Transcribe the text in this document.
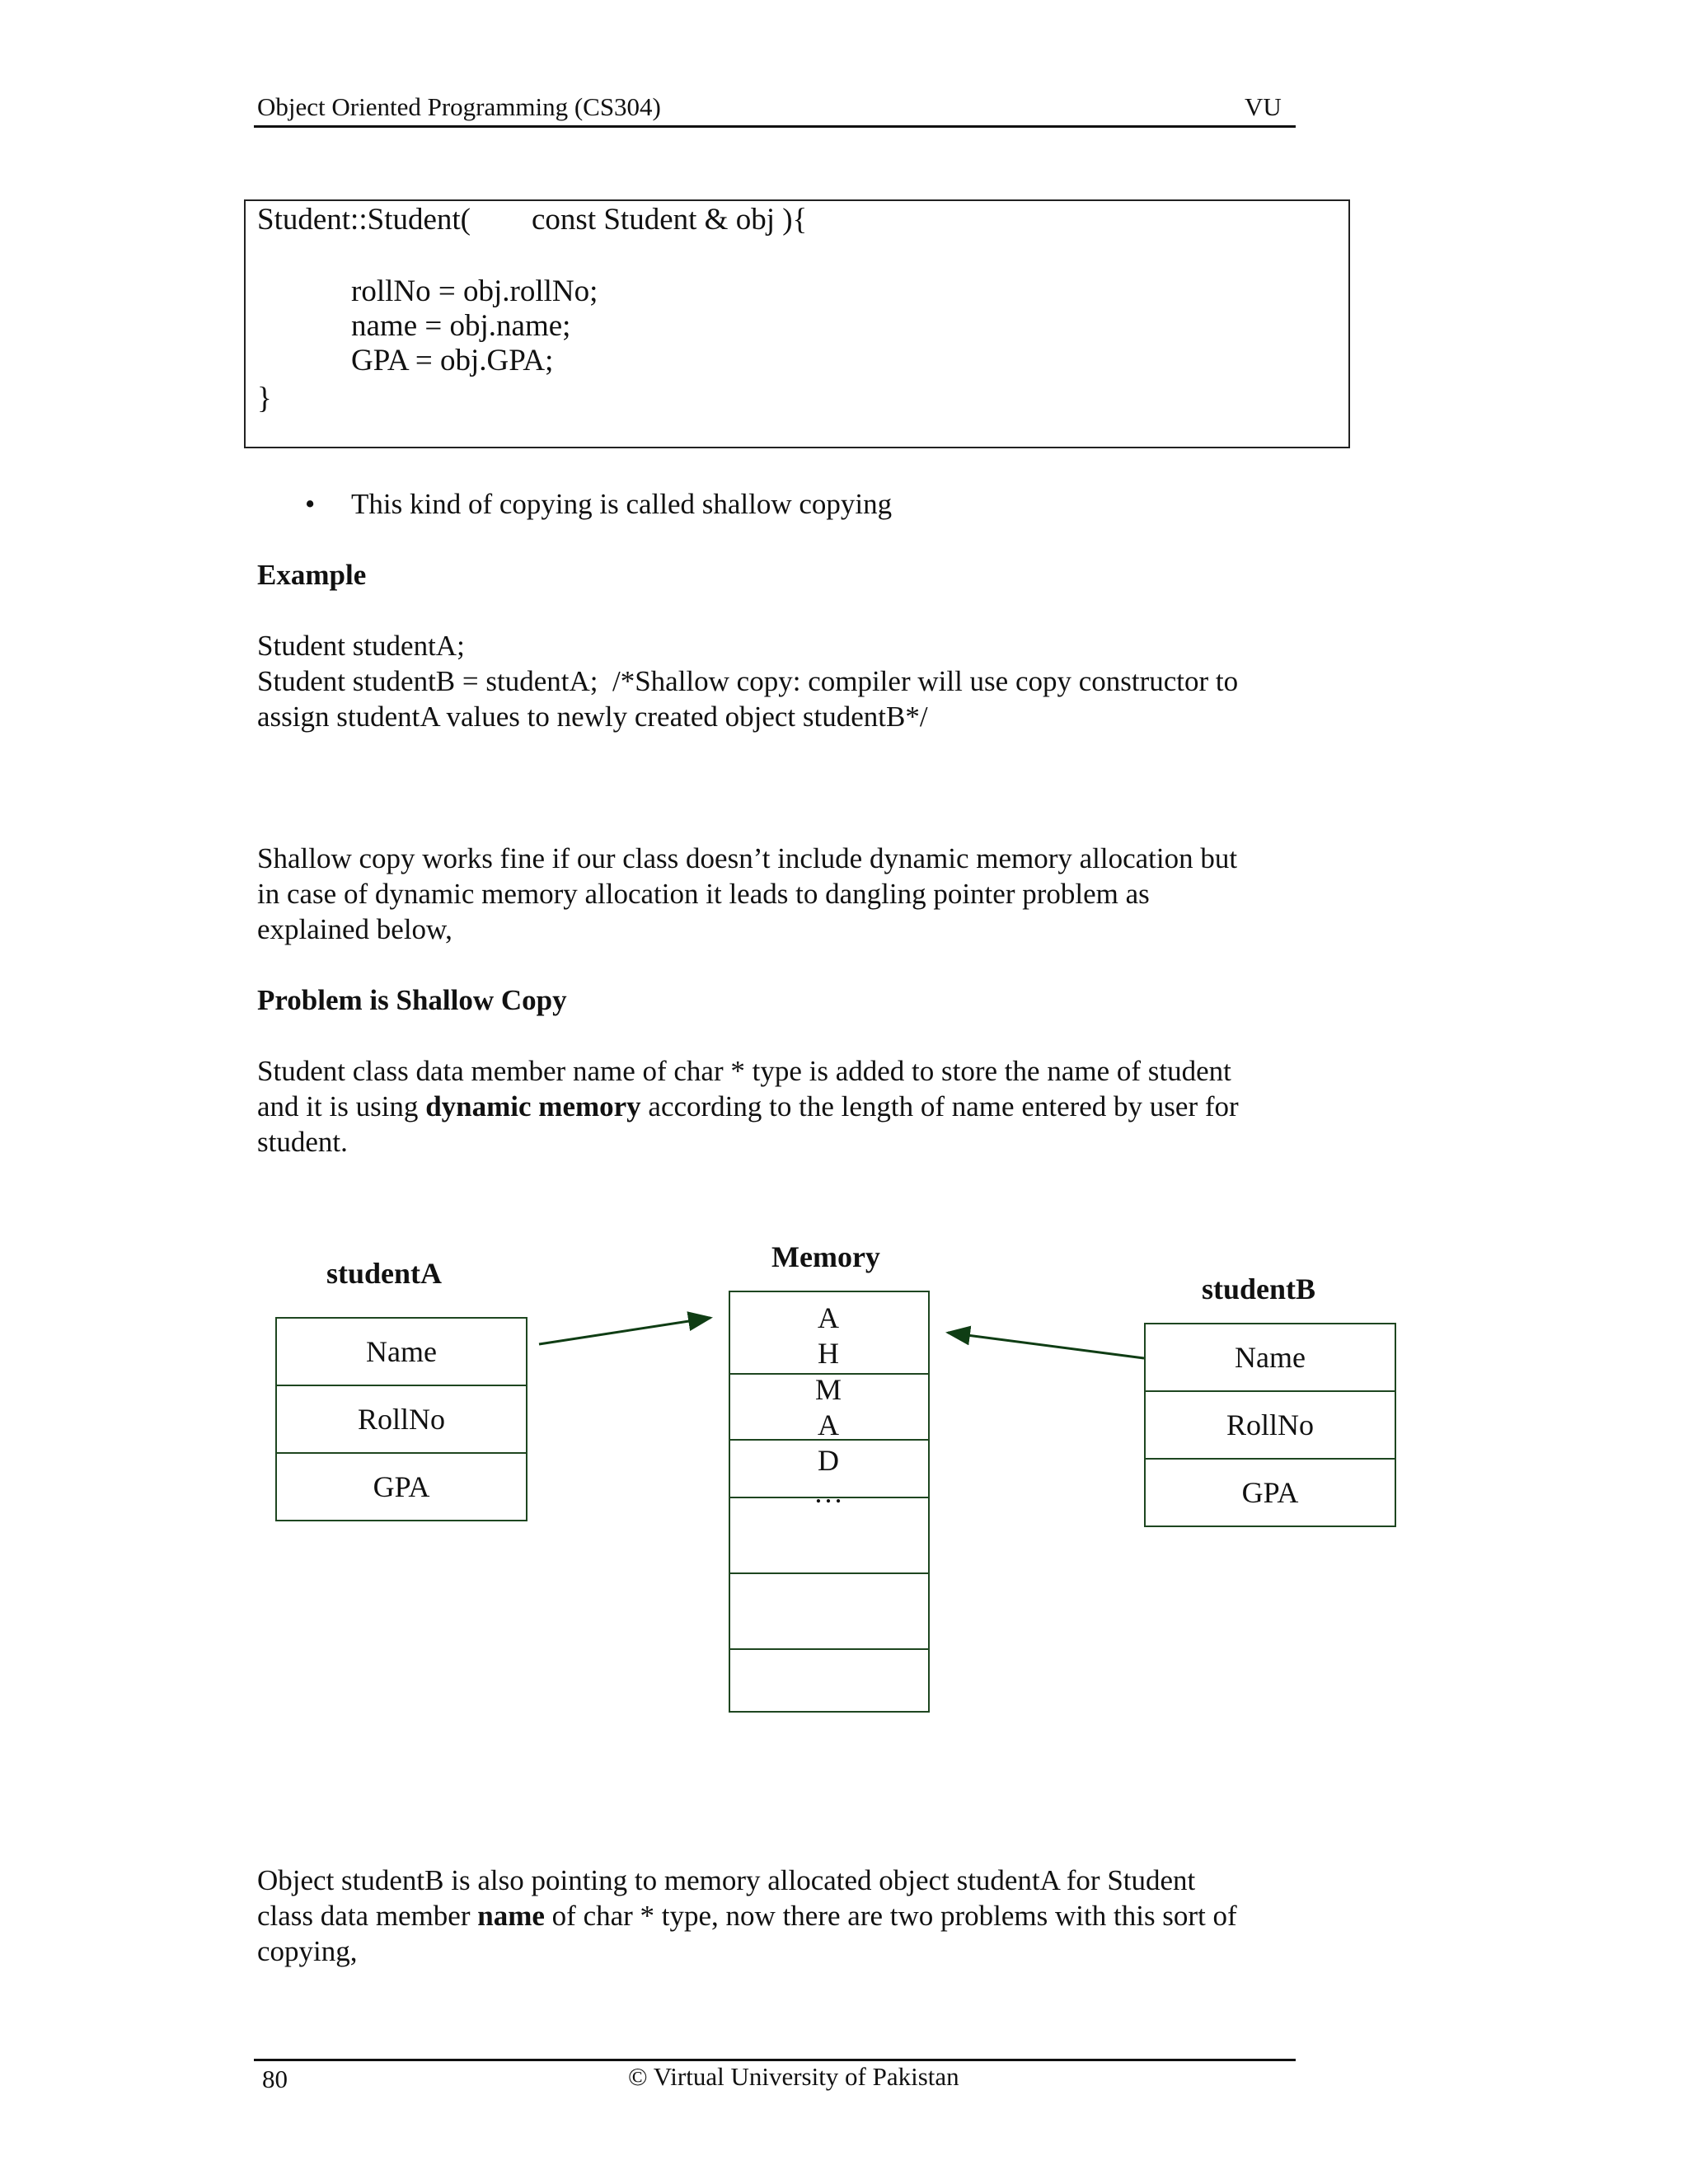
Object Oriented Programming (CS304)	VU
Student::Student(        const Student & obj ){
rollNo = obj.rollNo;
name = obj.name;
GPA = obj.GPA;
}
• This kind of copying is called shallow copying
Example
Student studentA;
Student studentB = studentA;  /*Shallow copy: compiler will use copy constructor to
assign studentA values to newly created object studentB*/
Shallow copy works fine if our class doesn’t include dynamic memory allocation but
in case of dynamic memory allocation it leads to dangling pointer problem as
explained below,
Problem is Shallow Copy
Student class data member name of char * type is added to store the name of student
and it is using dynamic memory according to the length of name entered by user for
student.
studentA	Memory
studentB
Name
RollNo
GPA
A
H
M
A
D
…
Name
RollNo
GPA
Object studentB is also pointing to memory allocated object studentA for Student
class data member name of char * type, now there are two problems with this sort of
copying,
80	© Virtual University of Pakistan
